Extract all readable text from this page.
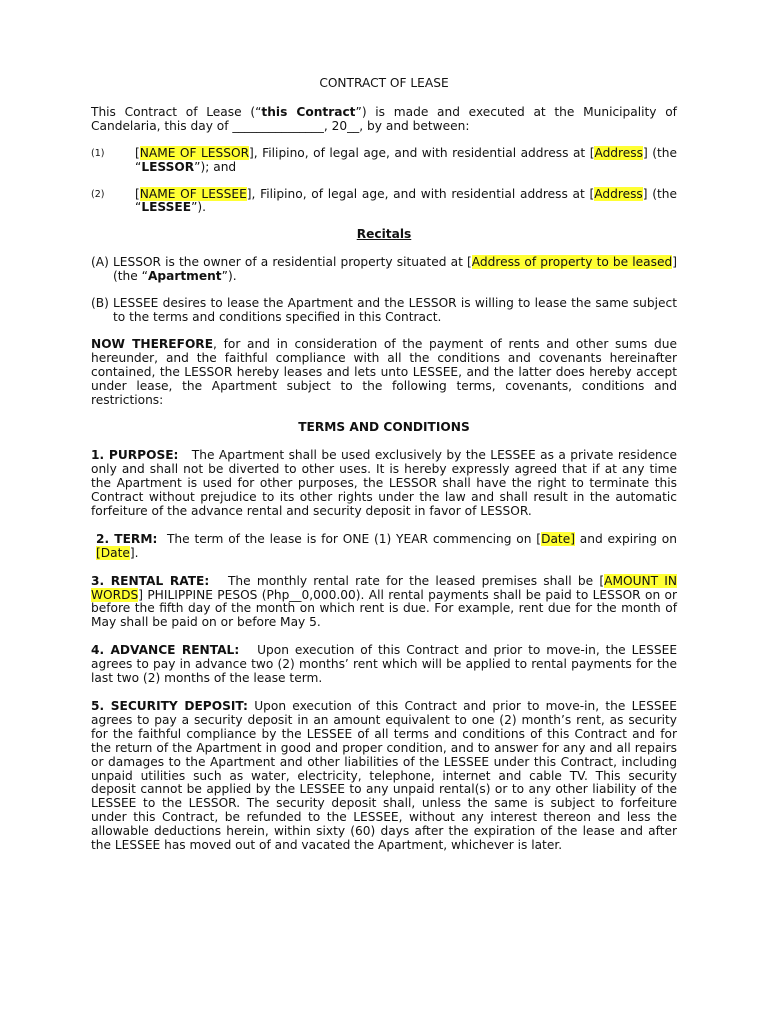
CONTRACT OF LEASE

This Contract of Lease (“this Contract”) is made and executed at the Municipality of Candelaria, this day of _______________, 20__, by and between:

(1)	[NAME OF LESSOR], Filipino, of legal age, and with residential address at [Address] (the “LESSOR”); and
(2)	[NAME OF LESSEE], Filipino, of legal age, and with residential address at [Address] (the “LESSEE”).

Recitals

(A) LESSOR is the owner of a residential property situated at [Address of property to be leased] (the “Apartment”).
(B) LESSEE desires to lease the Apartment and the LESSOR is willing to lease the same subject to the terms and conditions specified in this Contract.

NOW THEREFORE, for and in consideration of the payment of rents and other sums due hereunder, and the faithful compliance with all the conditions and covenants hereinafter contained, the LESSOR hereby leases and lets unto LESSEE, and the latter does hereby accept under lease, the Apartment subject to the following terms, covenants, conditions and restrictions:

TERMS AND CONDITIONS

1. PURPOSE: The Apartment shall be used exclusively by the LESSEE as a private residence only and shall not be diverted to other uses. It is hereby expressly agreed that if at any time the Apartment is used for other purposes, the LESSOR shall have the right to terminate this Contract without prejudice to its other rights under the law and shall result in the automatic forfeiture of the advance rental and security deposit in favor of LESSOR.

2. TERM: The term of the lease is for ONE (1) YEAR commencing on [Date] and expiring on [Date].

3. RENTAL RATE: The monthly rental rate for the leased premises shall be [AMOUNT IN WORDS] PHILIPPINE PESOS (Php__0,000.00). All rental payments shall be paid to LESSOR on or before the fifth day of the month on which rent is due. For example, rent due for the month of May shall be paid on or before May 5.

4. ADVANCE RENTAL: Upon execution of this Contract and prior to move-in, the LESSEE agrees to pay in advance two (2) months’ rent which will be applied to rental payments for the last two (2) months of the lease term.

5. SECURITY DEPOSIT: Upon execution of this Contract and prior to move-in, the LESSEE agrees to pay a security deposit in an amount equivalent to one (2) month’s rent, as security for the faithful compliance by the LESSEE of all terms and conditions of this Contract and for the return of the Apartment in good and proper condition, and to answer for any and all repairs or damages to the Apartment and other liabilities of the LESSEE under this Contract, including unpaid utilities such as water, electricity, telephone, internet and cable TV. This security deposit cannot be applied by the LESSEE to any unpaid rental(s) or to any other liability of the LESSEE to the LESSOR. The security deposit shall, unless the same is subject to forfeiture under this Contract, be refunded to the LESSEE, without any interest thereon and less the allowable deductions herein, within sixty (60) days after the expiration of the lease and after the LESSEE has moved out of and vacated the Apartment, whichever is later.
